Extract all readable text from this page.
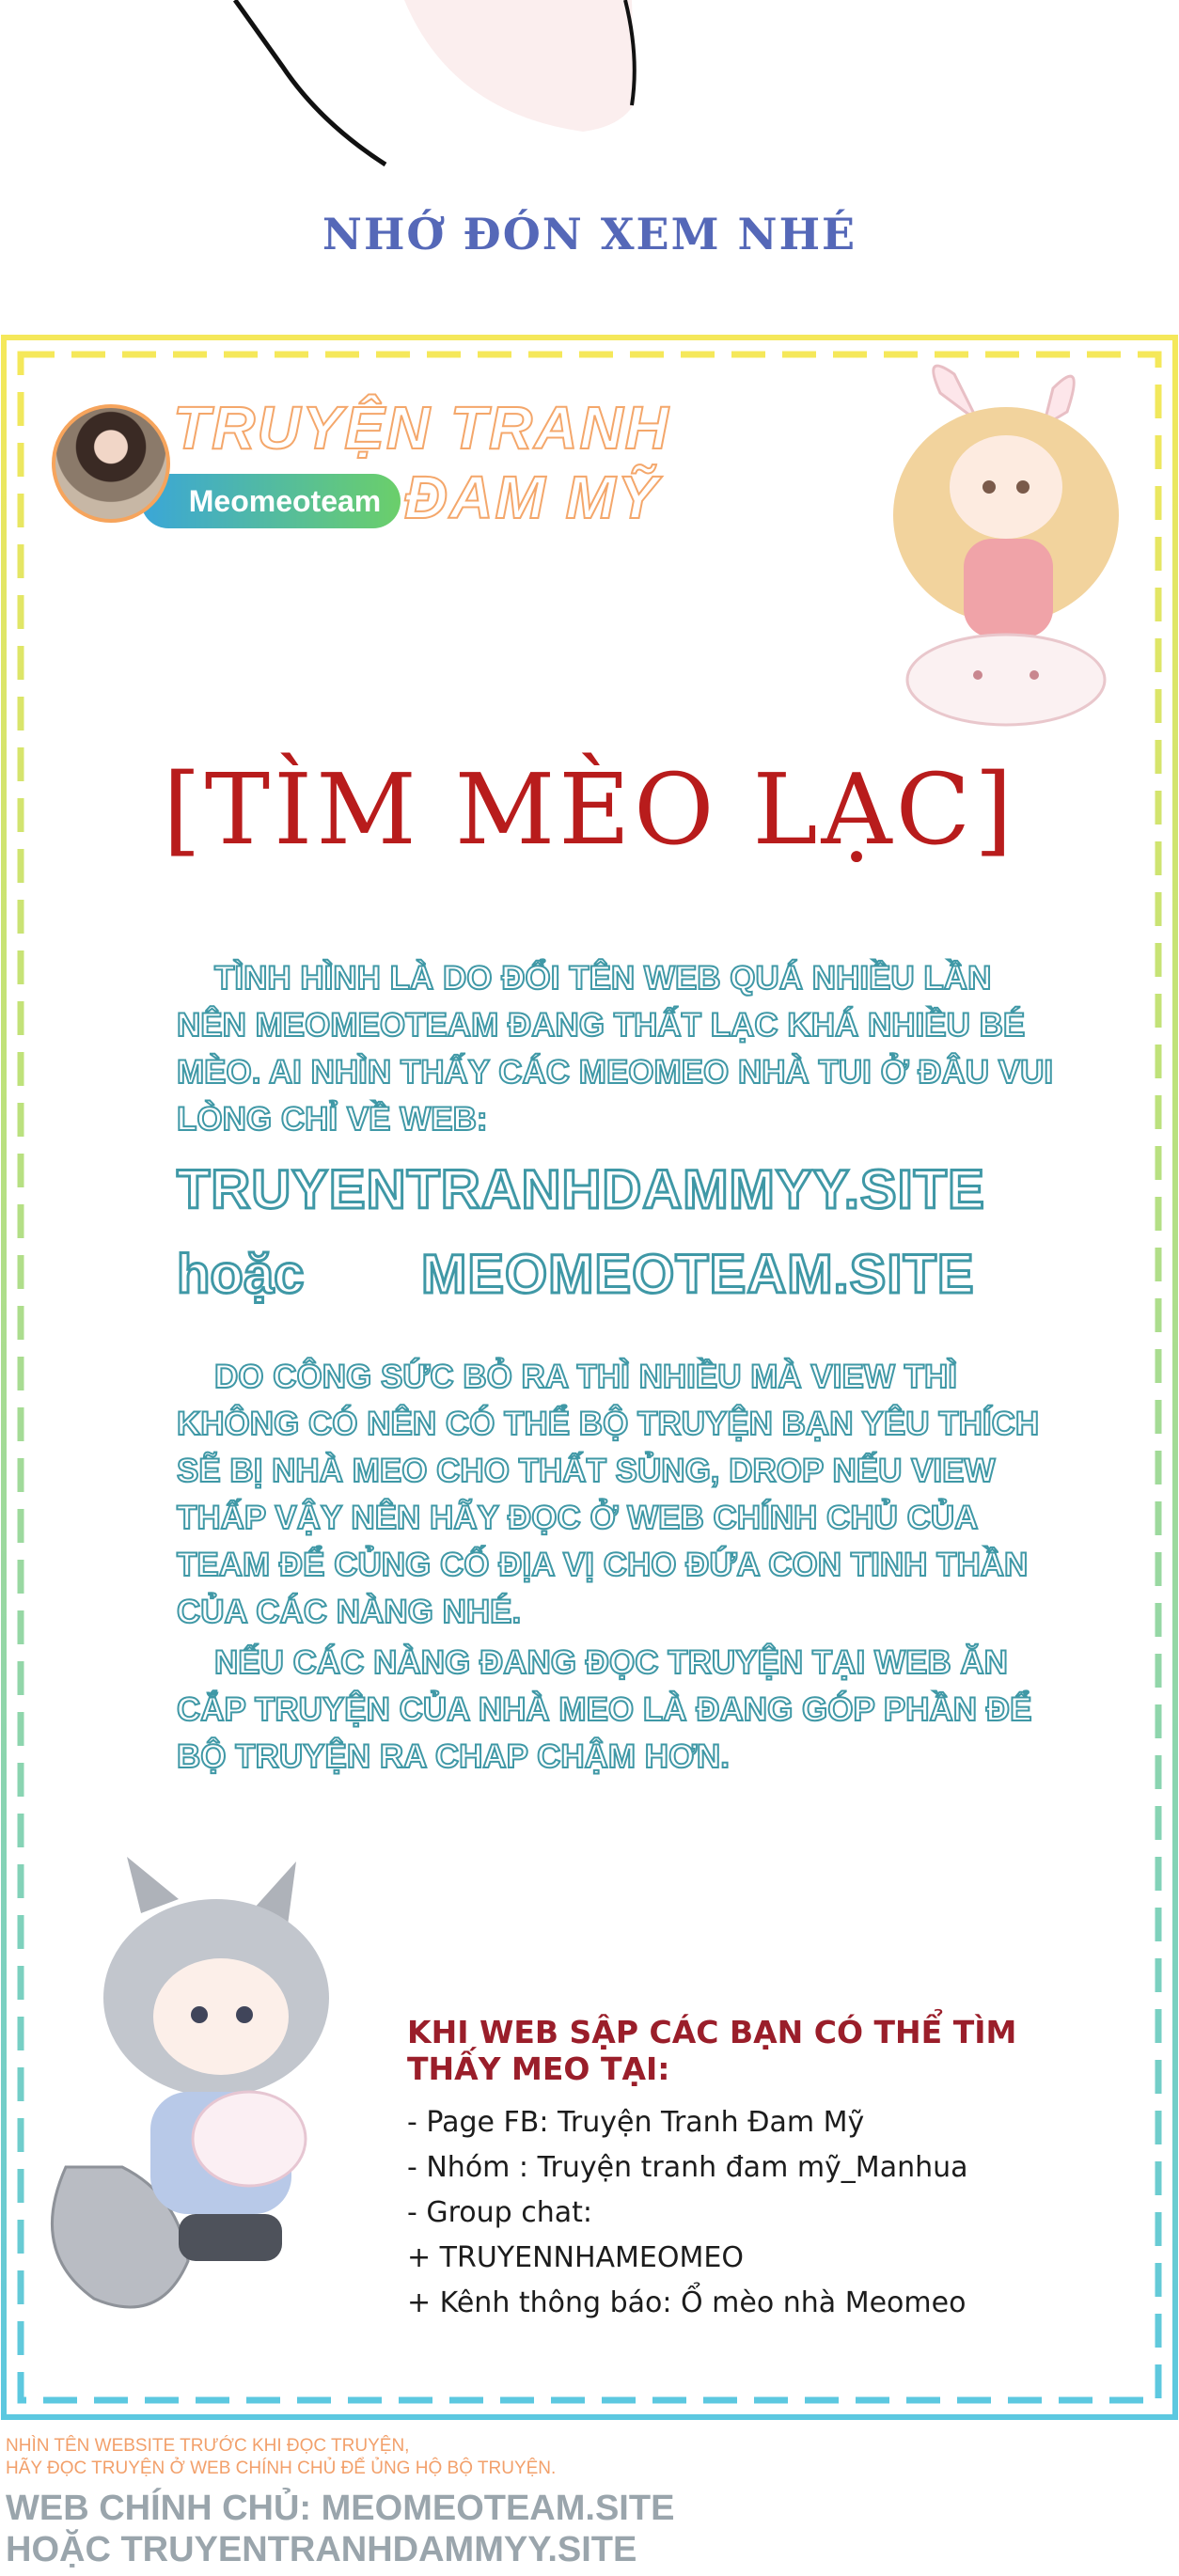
NHỚ ĐÓN XEM NHÉ
Meomeoteam
TRUYỆN TRANH
ĐAM MỸ
[TÌM MÈO LẠC]
TÌNH HÌNH LÀ DO ĐỔI TÊN WEB QUÁ NHIỀU LẦN NÊN MEOMEOTEAM ĐANG THẤT LẠC KHÁ NHIỀU BÉ MÈO. AI NHÌN THẤY CÁC MEOMEO NHÀ TUI Ở ĐÂU VUI LÒNG CHỈ VỀ WEB:
TRUYENTRANHDAMMYY.SITE
hoặc MEOMEOTEAM.SITE
DO CÔNG SỨC BỎ RA THÌ NHIỀU MÀ VIEW THÌ KHÔNG CÓ NÊN CÓ THỂ BỘ TRUYỆN BẠN YÊU THÍCH SẼ BỊ NHÀ MEO CHO THẤT SỦNG, DROP NẾU VIEW THẤP VẬY NÊN HÃY ĐỌC Ở WEB CHÍNH CHỦ CỦA TEAM ĐỂ CỦNG CỐ ĐỊA VỊ CHO ĐỨA CON TINH THẦN CỦA CÁC NÀNG NHÉ.
NẾU CÁC NÀNG ĐANG ĐỌC TRUYỆN TẠI WEB ĂN CẮP TRUYỆN CỦA NHÀ MEO LÀ ĐANG GÓP PHẦN ĐỂ BỘ TRUYỆN RA CHAP CHẬM HƠN.
KHI WEB SẬP CÁC BẠN CÓ THỂ TÌM THẤY MEO TẠI:
- Page FB: Truyện Tranh Đam Mỹ
- Nhóm : Truyện tranh đam mỹ_Manhua
- Group chat:
+ TRUYENNHAMEOMEO
+ Kênh thông báo: Ổ mèo nhà Meomeo
NHÌN TÊN WEBSITE TRƯỚC KHI ĐỌC TRUYỆN,
HÃY ĐỌC TRUYỆN Ở WEB CHÍNH CHỦ ĐỂ ỦNG HỘ BỘ TRUYỆN.
WEB CHÍNH CHỦ: MEOMEOTEAM.SITE
HOẶC TRUYENTRANHDAMMYY.SITE
